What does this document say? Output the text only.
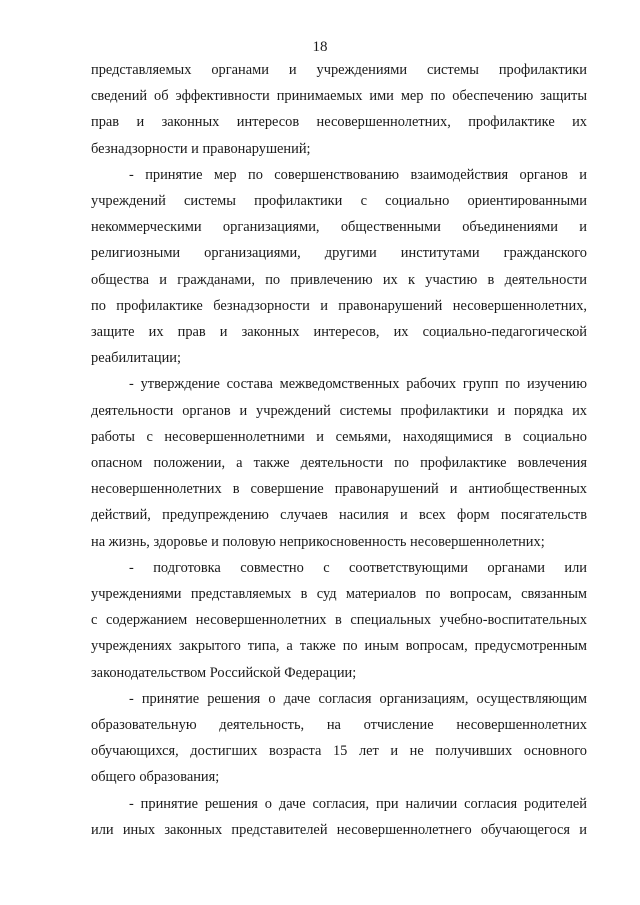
18
представляемых органами и учреждениями системы профилактики
сведений об эффективности принимаемых ими мер по обеспечению защиты
прав и законных интересов несовершеннолетних, профилактике их
безнадзорности и правонарушений;
- принятие мер по совершенствованию взаимодействия органов и
учреждений системы профилактики с социально ориентированными
некоммерческими организациями, общественными объединениями и
религиозными организациями, другими институтами гражданского
общества и гражданами, по привлечению их к участию в деятельности
по профилактике безнадзорности и правонарушений несовершеннолетних,
защите их прав и законных интересов, их социально-педагогической
реабилитации;
- утверждение состава межведомственных рабочих групп по изучению
деятельности органов и учреждений системы профилактики и порядка их
работы с несовершеннолетними и семьями, находящимися в социально
опасном положении, а также деятельности по профилактике вовлечения
несовершеннолетних в совершение правонарушений и антиобщественных
действий, предупреждению случаев насилия и всех форм посягательств
на жизнь, здоровье и половую неприкосновенность несовершеннолетних;
- подготовка совместно с соответствующими органами или
учреждениями представляемых в суд материалов по вопросам, связанным
с содержанием несовершеннолетних в специальных учебно-воспитательных
учреждениях закрытого типа, а также по иным вопросам, предусмотренным
законодательством Российской Федерации;
- принятие решения о даче согласия организациям, осуществляющим
образовательную деятельность, на отчисление несовершеннолетних
обучающихся, достигших возраста 15 лет и не получивших основного
общего образования;
- принятие решения о даче согласия, при наличии согласия родителей
или иных законных представителей несовершеннолетнего обучающегося и
